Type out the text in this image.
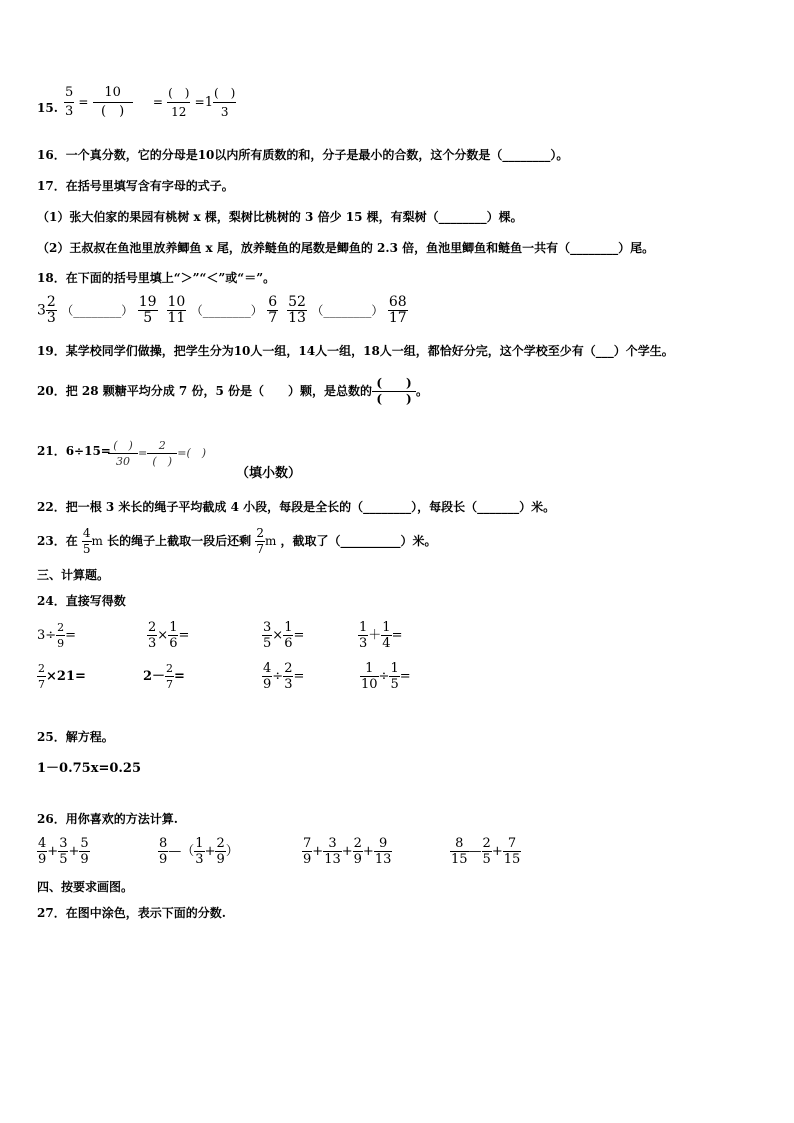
15. $\frac{5}{3}$ =
10
(　)
=
(　)
12
=1
(　)
3
16．一个真分数，它的分母是10以内所有质数的和，分子是最小的合数，这个分数是（________）。
17．在括号里填写含有字母的式子。
（1）张大伯家的果园有桃树 x 棵，梨树比桃树的 3 倍少 15 棵，有梨树（________）棵。
（2）王叔叔在鱼池里放养鲫鱼 x 尾，放养鲢鱼的尾数是鲫鱼的 2.3 倍，鱼池里鲫鱼和鲢鱼一共有（________）尾。
18．在下面的括号里填上“＞”“＜”或“＝”。
$3 \frac{2}{3}$ （________） $\frac{19}{5}$
$\frac{10}{11}$ （________） $\frac{6}{7}$
$\frac{52}{13}$ （________） $\frac{68}{17}$
19．某学校同学们做操，把学生分为10人一组，14人一组，18人一组，都恰好分完，这个学校至少有（___）个学生。
20．把 28 颗糖平均分成 7 份，5 份是（　　）颗，是总数的
(　　)
(　　)
。
21．6÷15= (　)
30
=
2
(　)
=(　)
（填小数）
22．把一根 3 米长的绳子平均截成 4 小段，每段是全长的（________），每段长（_______）米。
23．在 $\frac{4}{5}$ m 长的绳子上截取一段后还剩 $\frac{2}{7}$ m ，截取了（__________）米。
三、计算题。
24．直接写得数
$3\div \frac{2}{9}$ =	$\frac{2}{3} \times \frac{1}{6}$ =	$\frac{3}{5} \times \frac{1}{6}$ =	$\frac{1}{3} + \frac{1}{4}$ =
$\frac{2}{7} \times 21=$	$2- \frac{2}{7}$ =	$\frac{4}{9} \div \frac{2}{3}$ =	$\frac{1}{10} \div \frac{1}{5}$ =
25．解方程。
1－0.75x=0.25
26．用你喜欢的方法计算.
$\frac{4}{9} + \frac{3}{5} + \frac{5}{9}$	$\frac{8}{9}$ —（ $\frac{1}{3} + \frac{2}{9}$ ）	$\frac{7}{9} + \frac{3}{13} + \frac{2}{9} + \frac{9}{13}$	$\frac{8}{15}$ — $\frac{2}{5} + \frac{7}{15}$
四、按要求画图。
27．在图中涂色，表示下面的分数.
